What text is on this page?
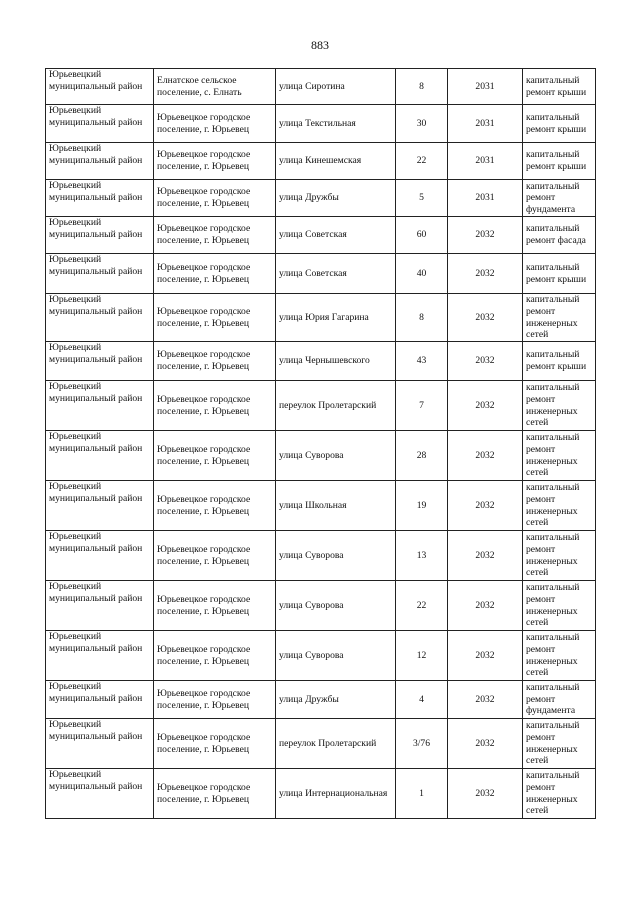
883
Юрьевецкий муниципальный район	Елнатское сельское поселение, с. Елнать	улица Сиротина	8	2031	капитальный ремонт крыши
Юрьевецкий муниципальный район	Юрьевецкое городское поселение, г. Юрьевец	улица Текстильная	30	2031	капитальный ремонт крыши
Юрьевецкий муниципальный район	Юрьевецкое городское поселение, г. Юрьевец	улица Кинешемская	22	2031	капитальный ремонт крыши
Юрьевецкий муниципальный район	Юрьевецкое городское поселение, г. Юрьевец	улица Дружбы	5	2031	капитальный ремонт фундамента
Юрьевецкий муниципальный район	Юрьевецкое городское поселение, г. Юрьевец	улица Советская	60	2032	капитальный ремонт фасада
Юрьевецкий муниципальный район	Юрьевецкое городское поселение, г. Юрьевец	улица Советская	40	2032	капитальный ремонт крыши
Юрьевецкий муниципальный район	Юрьевецкое городское поселение, г. Юрьевец	улица Юрия Гагарина	8	2032	капитальный ремонт инженерных сетей
Юрьевецкий муниципальный район	Юрьевецкое городское поселение, г. Юрьевец	улица Чернышевского	43	2032	капитальный ремонт крыши
Юрьевецкий муниципальный район	Юрьевецкое городское поселение, г. Юрьевец	переулок Пролетарский	7	2032	капитальный ремонт инженерных сетей
Юрьевецкий муниципальный район	Юрьевецкое городское поселение, г. Юрьевец	улица Суворова	28	2032	капитальный ремонт инженерных сетей
Юрьевецкий муниципальный район	Юрьевецкое городское поселение, г. Юрьевец	улица Школьная	19	2032	капитальный ремонт инженерных сетей
Юрьевецкий муниципальный район	Юрьевецкое городское поселение, г. Юрьевец	улица Суворова	13	2032	капитальный ремонт инженерных сетей
Юрьевецкий муниципальный район	Юрьевецкое городское поселение, г. Юрьевец	улица Суворова	22	2032	капитальный ремонт инженерных сетей
Юрьевецкий муниципальный район	Юрьевецкое городское поселение, г. Юрьевец	улица Суворова	12	2032	капитальный ремонт инженерных сетей
Юрьевецкий муниципальный район	Юрьевецкое городское поселение, г. Юрьевец	улица Дружбы	4	2032	капитальный ремонт фундамента
Юрьевецкий муниципальный район	Юрьевецкое городское поселение, г. Юрьевец	переулок Пролетарский	3/76	2032	капитальный ремонт инженерных сетей
Юрьевецкий муниципальный район	Юрьевецкое городское поселение, г. Юрьевец	улица Интернациональная	1	2032	капитальный ремонт инженерных сетей
